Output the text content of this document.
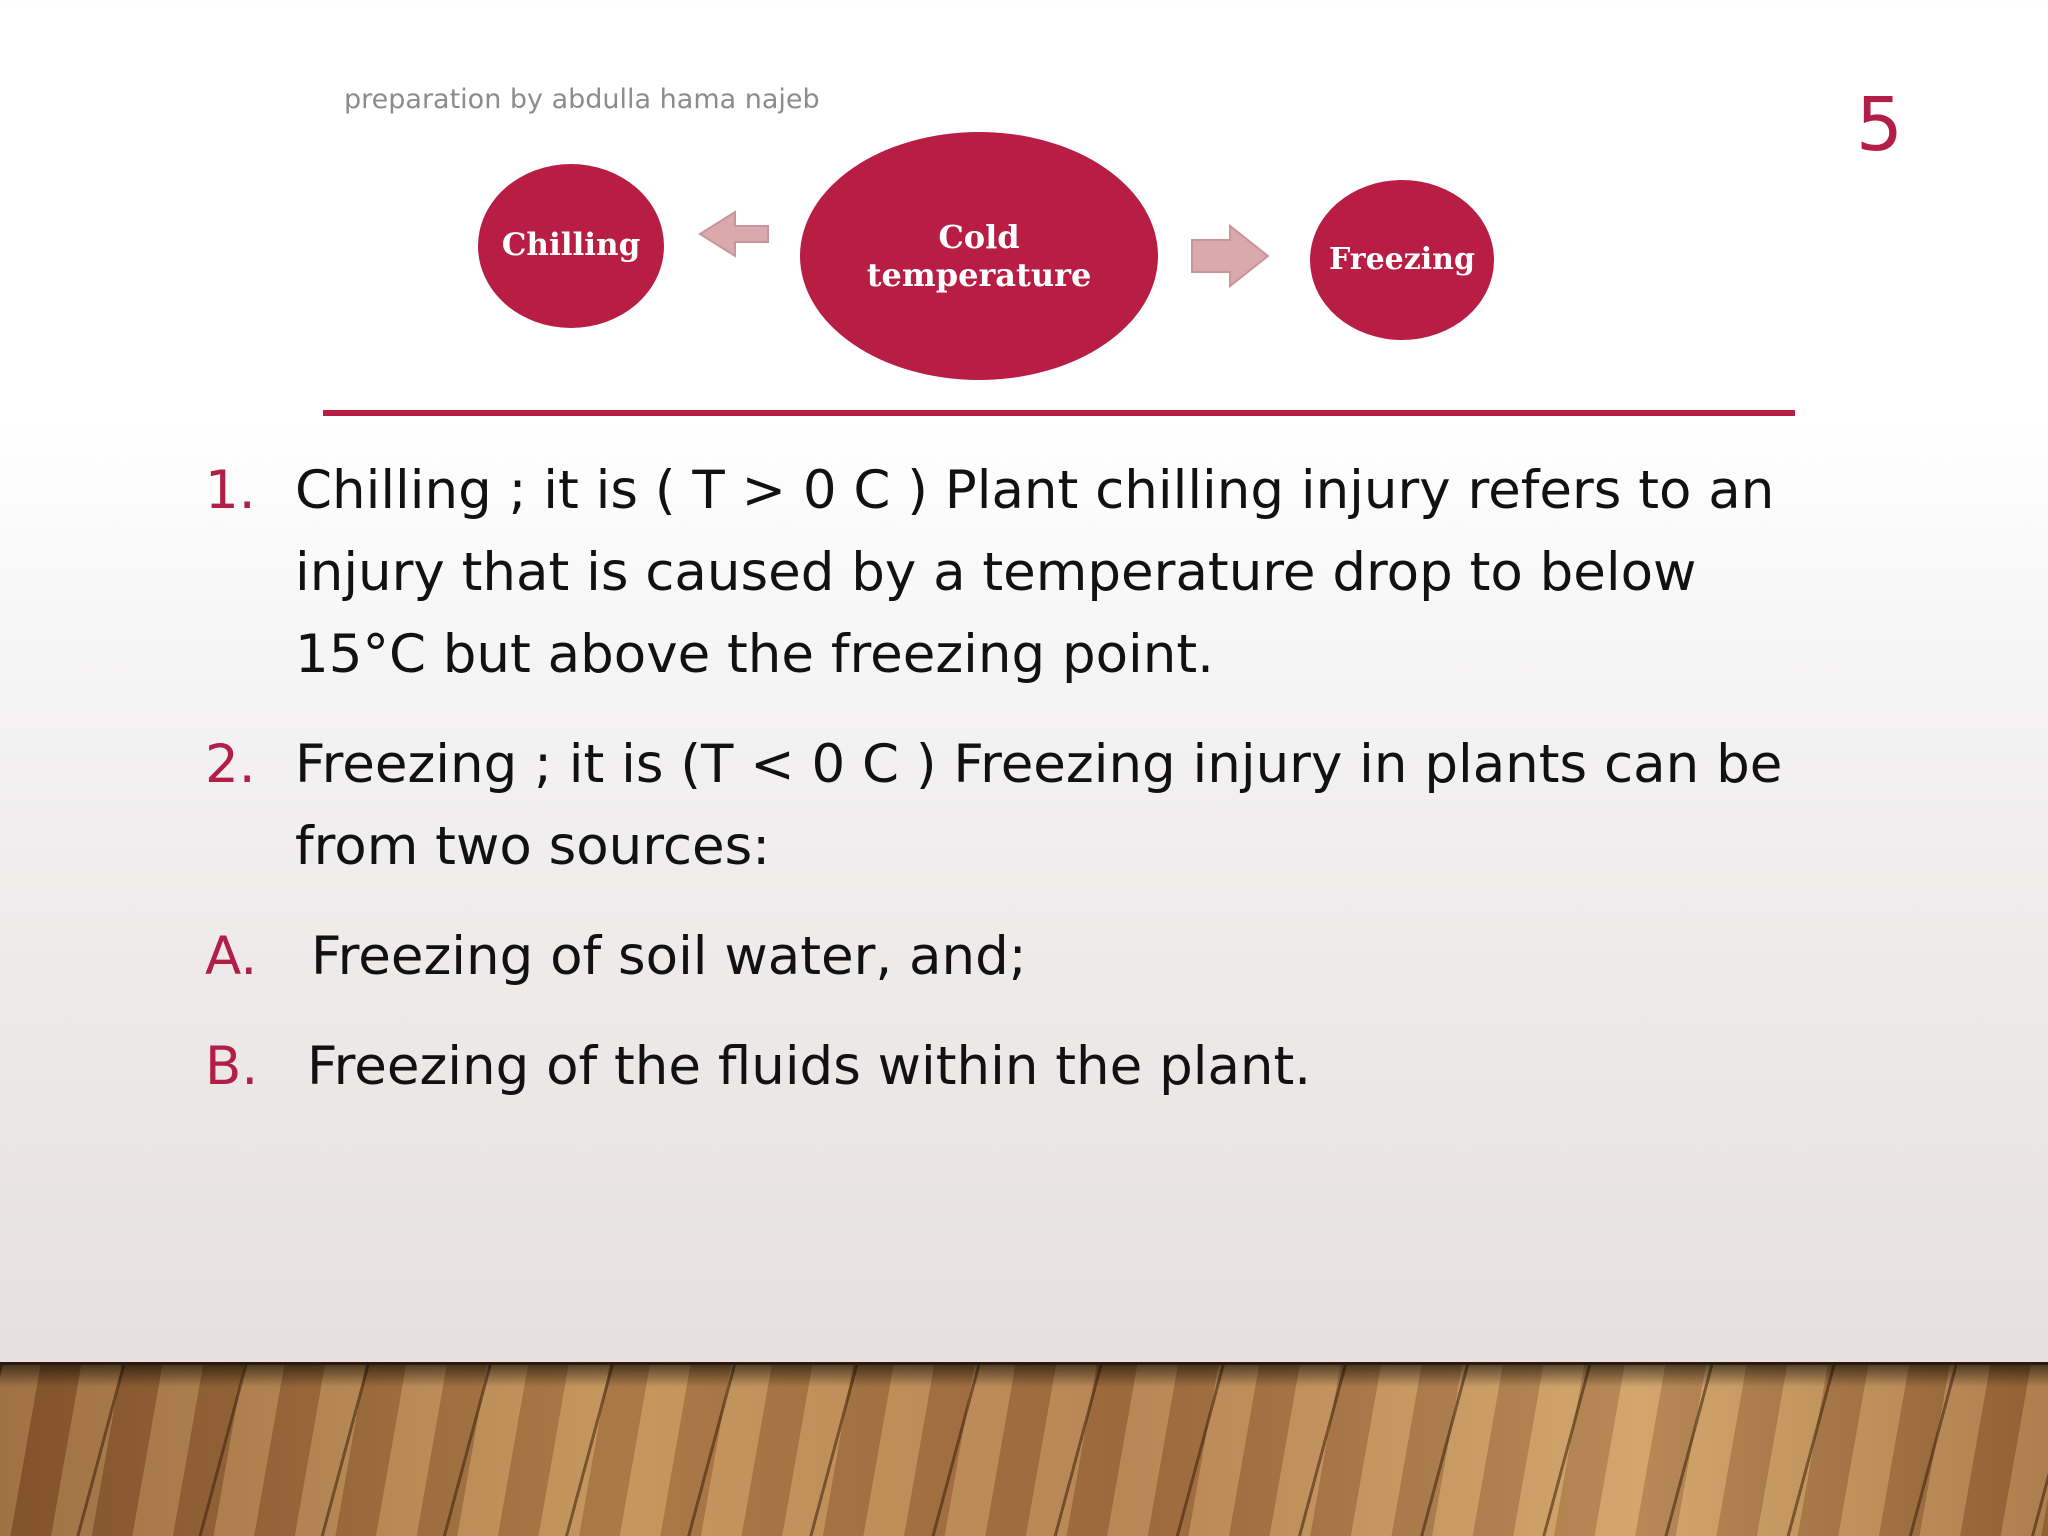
preparation by abdulla hama najeb	5
Chilling	Cold temperature	Freezing
1. Chilling ; it is ( T > 0 C ) Plant chilling injury refers to an injury that is caused by a temperature drop to below 15°C but above the freezing point.
2. Freezing ; it is (T < 0 C ) Freezing injury in plants can be from two sources:
A. Freezing of soil water, and;
B. Freezing of the fluids within the plant.
